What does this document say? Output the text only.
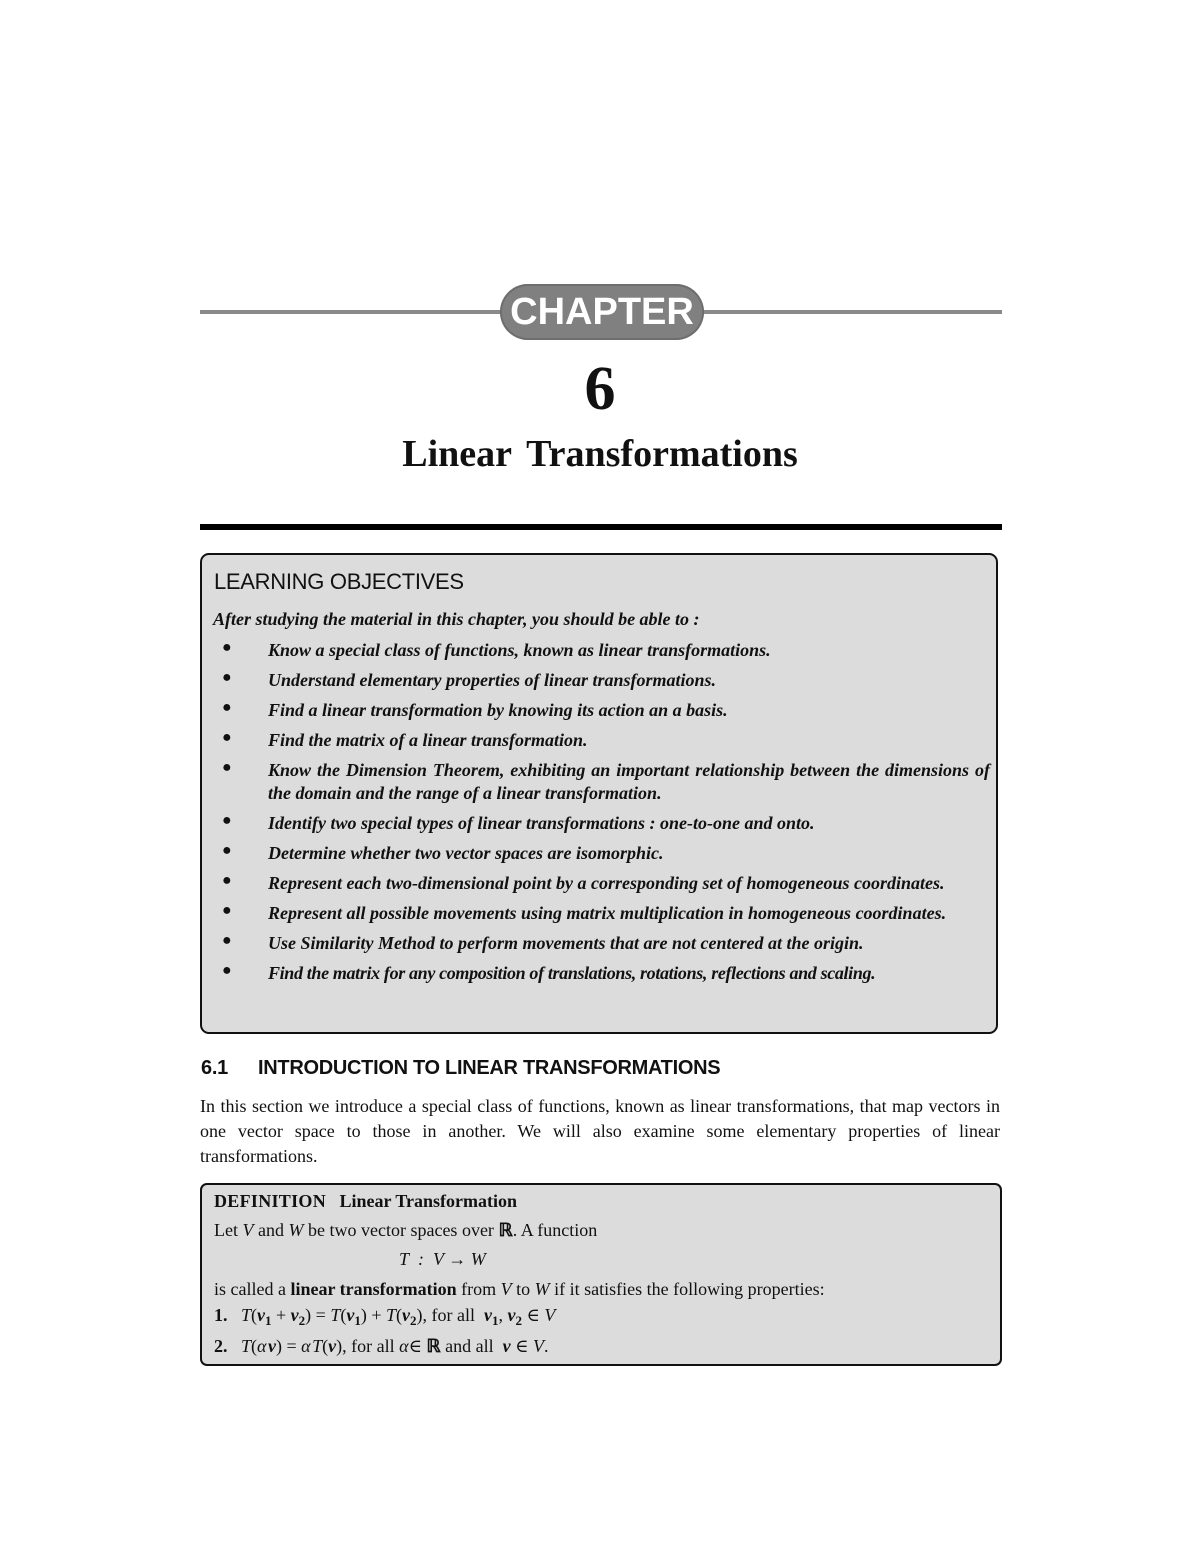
CHAPTER
6
Linear Transformations
LEARNING OBJECTIVES
After studying the material in this chapter, you should be able to :
● Know a special class of functions, known as linear transformations.
● Understand elementary properties of linear transformations.
● Find a linear transformation by knowing its action an a basis.
● Find the matrix of a linear transformation.
● Know the Dimension Theorem, exhibiting an important relationship between the dimensions of the domain and the range of a linear transformation.
● Identify two special types of linear transformations : one-to-one and onto.
● Determine whether two vector spaces are isomorphic.
● Represent each two-dimensional point by a corresponding set of homogeneous coordinates.
● Represent all possible movements using matrix multiplication in homogeneous coordinates.
● Use Similarity Method to perform movements that are not centered at the origin.
● Find the matrix for any composition of translations, rotations, reflections and scaling.
6.1 INTRODUCTION TO LINEAR TRANSFORMATIONS
In this section we introduce a special class of functions, known as linear transformations, that map vectors in one vector space to those in another. We will also examine some elementary properties of linear transformations.
DEFINITION Linear Transformation
Let V and W be two vector spaces over ℝ. A function
T : V → W
is called a linear transformation from V to W if it satisfies the following properties:
1. $T(v_1 + v_2) = T(v_1) + T(v_2)$, for all $v_1$, $v_2$ ∈ V
2. T(α v) = α T(v), for all α∈ ℝ and all v ∈ V.
